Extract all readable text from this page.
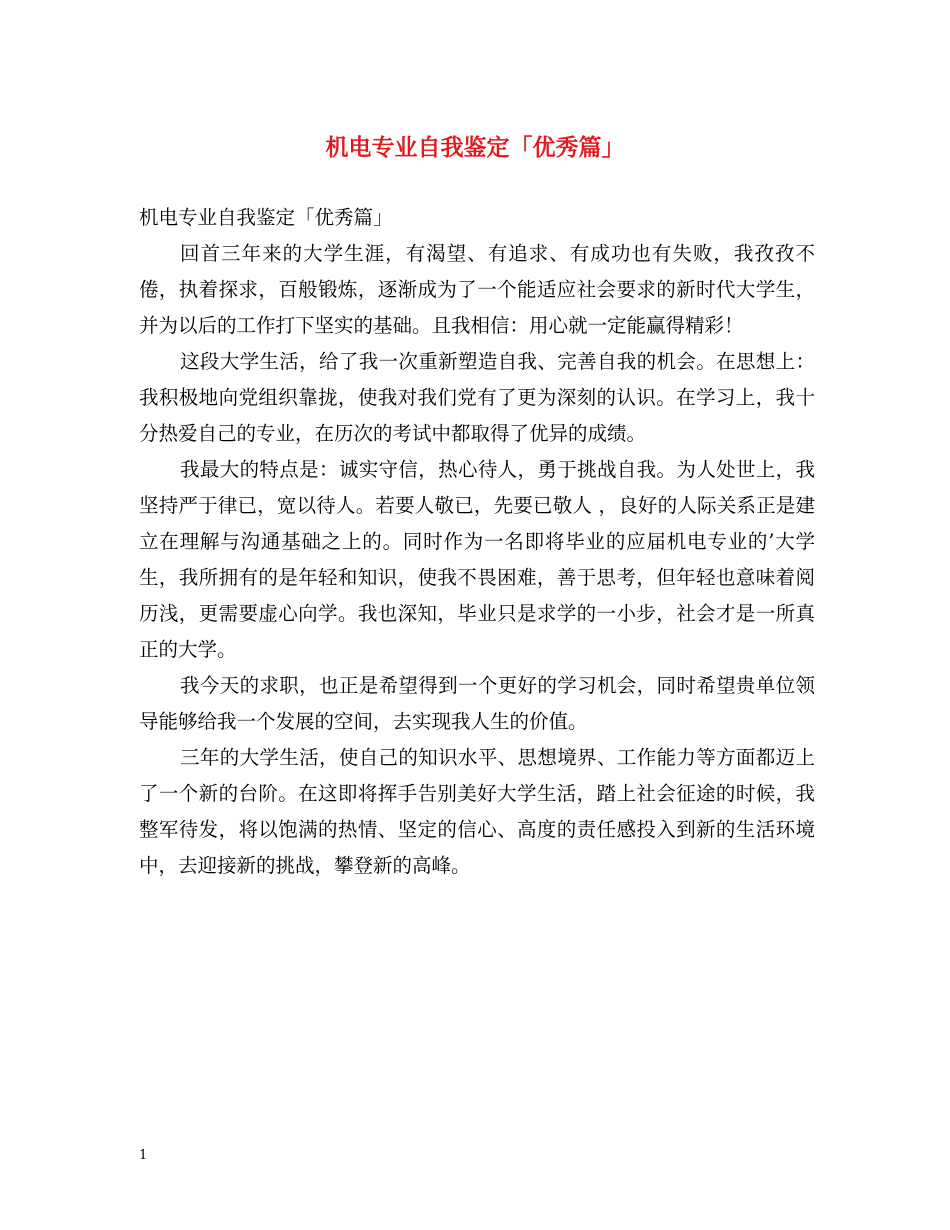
机电专业自我鉴定「优秀篇」

机电专业自我鉴定「优秀篇」

回首三年来的大学生涯，有渴望、有追求、有成功也有失败，我孜孜不倦，执着探求，百般锻炼，逐渐成为了一个能适应社会要求的新时代大学生，并为以后的工作打下坚实的基础。且我相信：用心就一定能赢得精彩！

这段大学生活，给了我一次重新塑造自我、完善自我的机会。在思想上：我积极地向党组织靠拢，使我对我们党有了更为深刻的认识。在学习上，我十分热爱自己的专业，在历次的考试中都取得了优异的成绩。

我最大的特点是：诚实守信，热心待人，勇于挑战自我。为人处世上，我坚持严于律已，宽以待人。若要人敬已，先要已敬人 ，良好的人际关系正是建立在理解与沟通基础之上的。同时作为一名即将毕业的应届机电专业的’大学生，我所拥有的是年轻和知识，使我不畏困难，善于思考，但年轻也意味着阅历浅，更需要虚心向学。我也深知，毕业只是求学的一小步，社会才是一所真正的大学。

我今天的求职，也正是希望得到一个更好的学习机会，同时希望贵单位领导能够给我一个发展的空间，去实现我人生的价值。

三年的大学生活，使自己的知识水平、思想境界、工作能力等方面都迈上了一个新的台阶。在这即将挥手告别美好大学生活，踏上社会征途的时候，我整军待发，将以饱满的热情、坚定的信心、高度的责任感投入到新的生活环境中，去迎接新的挑战，攀登新的高峰。

1
